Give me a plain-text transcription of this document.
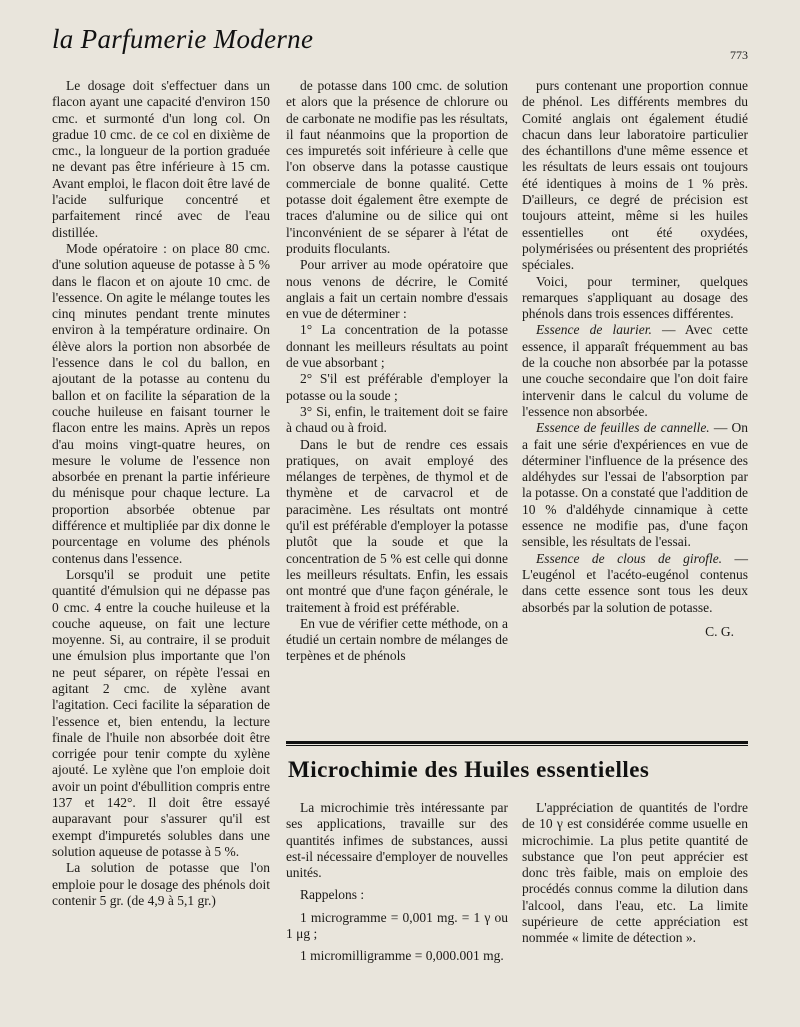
la Parfumerie Moderne
773

Le dosage doit s'effectuer dans un flacon ayant une capacité d'environ 150 cmc. et surmonté d'un long col. On gradue 10 cmc. de ce col en dixième de cmc., la longueur de la portion graduée ne devant pas être inférieure à 15 cm. Avant emploi, le flacon doit être lavé de l'acide sulfurique concentré et parfaitement rincé avec de l'eau distillée.

Mode opératoire : on place 80 cmc. d'une solution aqueuse de potasse à 5 % dans le flacon et on ajoute 10 cmc. de l'essence. On agite le mélange toutes les cinq minutes pendant trente minutes environ à la température ordinaire. On élève alors la portion non absorbée de l'essence dans le col du ballon, en ajoutant de la potasse au contenu du ballon et on facilite la séparation de la couche huileuse en faisant tourner le flacon entre les mains. Après un repos d'au moins vingt-quatre heures, on mesure le volume de l'essence non absorbée en prenant la partie inférieure du ménisque pour chaque lecture. La proportion absorbée obtenue par différence et multipliée par dix donne le pourcentage en volume des phénols contenus dans l'essence.

Lorsqu'il se produit une petite quantité d'émulsion qui ne dépasse pas 0 cmc. 4 entre la couche huileuse et la couche aqueuse, on fait une lecture moyenne. Si, au contraire, il se produit une émulsion plus importante que l'on ne peut séparer, on répète l'essai en agitant 2 cmc. de xylène avant l'agitation. Ceci facilite la séparation de l'essence et, bien entendu, la lecture finale de l'huile non absorbée doit être corrigée pour tenir compte du xylène ajouté. Le xylène que l'on emploie doit avoir un point d'ébullition compris entre 137 et 142°. Il doit être essayé auparavant pour s'assurer qu'il est exempt d'impuretés solubles dans une solution aqueuse de potasse à 5 %.

La solution de potasse que l'on emploie pour le dosage des phénols doit contenir 5 gr. (de 4,9 à 5,1 gr.)

de potasse dans 100 cmc. de solution et alors que la présence de chlorure ou de carbonate ne modifie pas les résultats, il faut néanmoins que la proportion de ces impuretés soit inférieure à celle que l'on observe dans la potasse caustique commerciale de bonne qualité. Cette potasse doit également être exempte de traces d'alumine ou de silice qui ont l'inconvénient de se séparer à l'état de produits floculants.

Pour arriver au mode opératoire que nous venons de décrire, le Comité anglais a fait un certain nombre d'essais en vue de déterminer :

1° La concentration de la potasse donnant les meilleurs résultats au point de vue absorbant ;

2° S'il est préférable d'employer la potasse ou la soude ;

3° Si, enfin, le traitement doit se faire à chaud ou à froid.

Dans le but de rendre ces essais pratiques, on avait employé des mélanges de terpènes, de thymol et de thymène et de carvacrol et de paracimène. Les résultats ont montré qu'il est préférable d'employer la potasse plutôt que la soude et que la concentration de 5 % est celle qui donne les meilleurs résultats. Enfin, les essais ont montré que d'une façon générale, le traitement à froid est préférable.

En vue de vérifier cette méthode, on a étudié un certain nombre de mélanges de terpènes et de phénols

purs contenant une proportion connue de phénol. Les différents membres du Comité anglais ont également étudié chacun dans leur laboratoire particulier des échantillons d'une même essence et les résultats de leurs essais ont toujours été identiques à moins de 1 % près. D'ailleurs, ce degré de précision est toujours atteint, même si les huiles essentielles ont été oxydées, polymérisées ou présentent des propriétés spéciales.

Voici, pour terminer, quelques remarques s'appliquant au dosage des phénols dans trois essences différentes.

Essence de laurier. — Avec cette essence, il apparaît fréquemment au bas de la couche non absorbée par la potasse une couche secondaire que l'on doit faire intervenir dans le calcul du volume de l'essence non absorbée.

Essence de feuilles de cannelle. — On a fait une série d'expériences en vue de déterminer l'influence de la présence des aldéhydes sur l'essai de l'absorption par la potasse. On a constaté que l'addition de 10 % d'aldéhyde cinnamique à cette essence ne modifie pas, d'une façon sensible, les résultats de l'essai.

Essence de clous de girofle. — L'eugénol et l'acéto-eugénol contenus dans cette essence sont tous les deux absorbés par la solution de potasse.

C. G.

Microchimie des Huiles essentielles

La microchimie très intéressante par ses applications, travaille sur des quantités infimes de substances, aussi est-il nécessaire d'employer de nouvelles unités.

Rappelons :

1 microgramme = 0,001 mg. = 1 γ ou 1 μg ;

1 micromilligramme = 0,000.001 mg.

L'appréciation de quantités de l'ordre de 10 γ est considérée comme usuelle en microchimie. La plus petite quantité de substance que l'on peut apprécier est donc très faible, mais on emploie des procédés connus comme la dilution dans l'alcool, dans l'eau, etc. La limite supérieure de cette appréciation est nommée « limite de détection ».
